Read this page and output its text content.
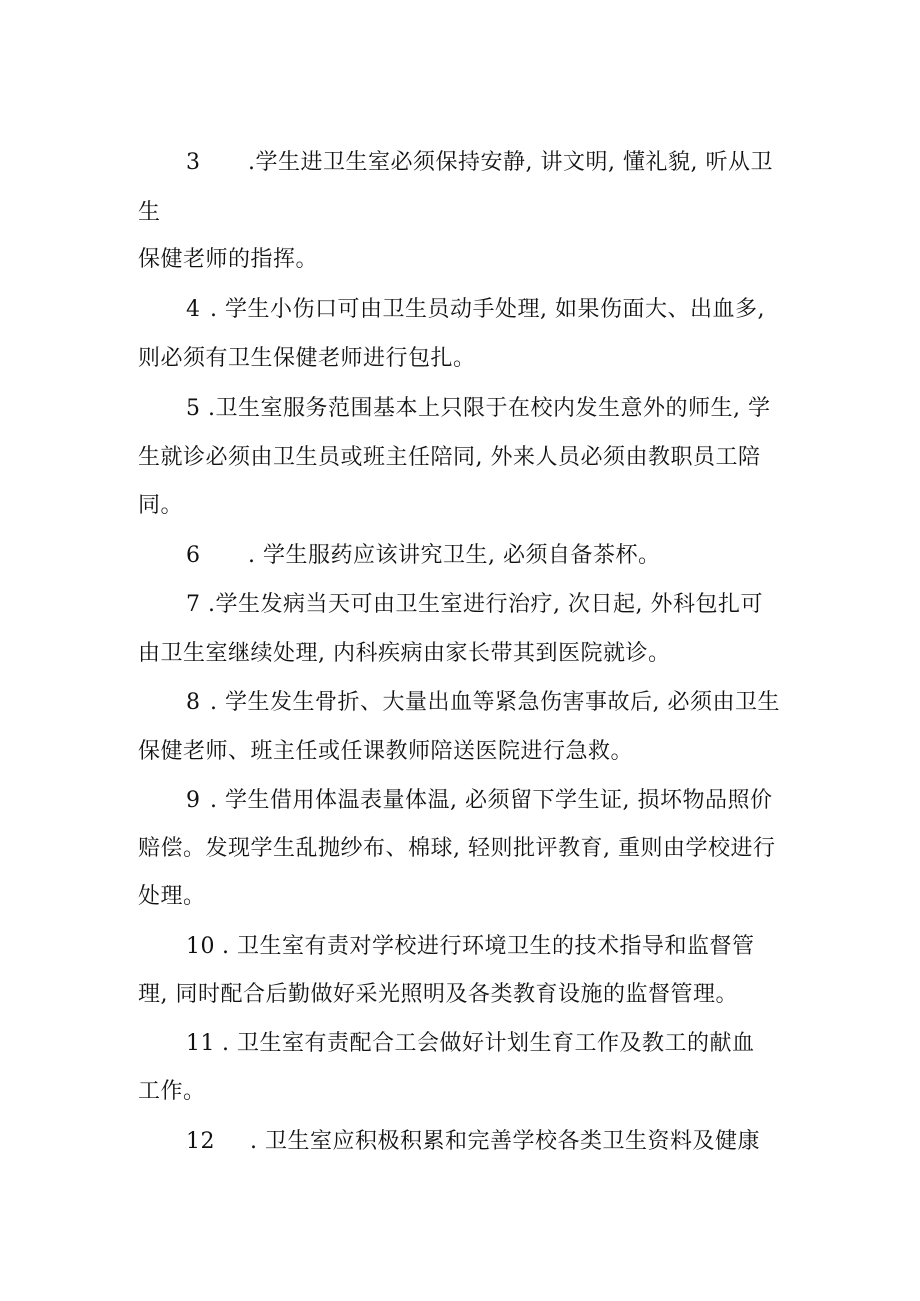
3 .学生进卫生室必须保持安静, 讲文明, 懂礼貌, 听从卫
生
保健老师的指挥。
4 . 学生小伤口可由卫生员动手处理, 如果伤面大、出血多,
则必须有卫生保健老师进行包扎。
5 .卫生室服务范围基本上只限于在校内发生意外的师生, 学
生就诊必须由卫生员或班主任陪同, 外来人员必须由教职员工陪
同。
6 . 学生服药应该讲究卫生, 必须自备茶杯。
7 .学生发病当天可由卫生室进行治疗, 次日起, 外科包扎可
由卫生室继续处理, 内科疾病由家长带其到医院就诊。
8 . 学生发生骨折、大量出血等紧急伤害事故后, 必须由卫生
保健老师、班主任或任课教师陪送医院进行急救。
9 . 学生借用体温表量体温, 必须留下学生证, 损坏物品照价
赔偿。发现学生乱抛纱布、棉球, 轻则批评教育, 重则由学校进行
处理。
10 . 卫生室有责对学校进行环境卫生的技术指导和监督管
理, 同时配合后勤做好采光照明及各类教育设施的监督管理。
11 . 卫生室有责配合工会做好计划生育工作及教工的献血
工作。
12 . 卫生室应积极积累和完善学校各类卫生资料及健康
